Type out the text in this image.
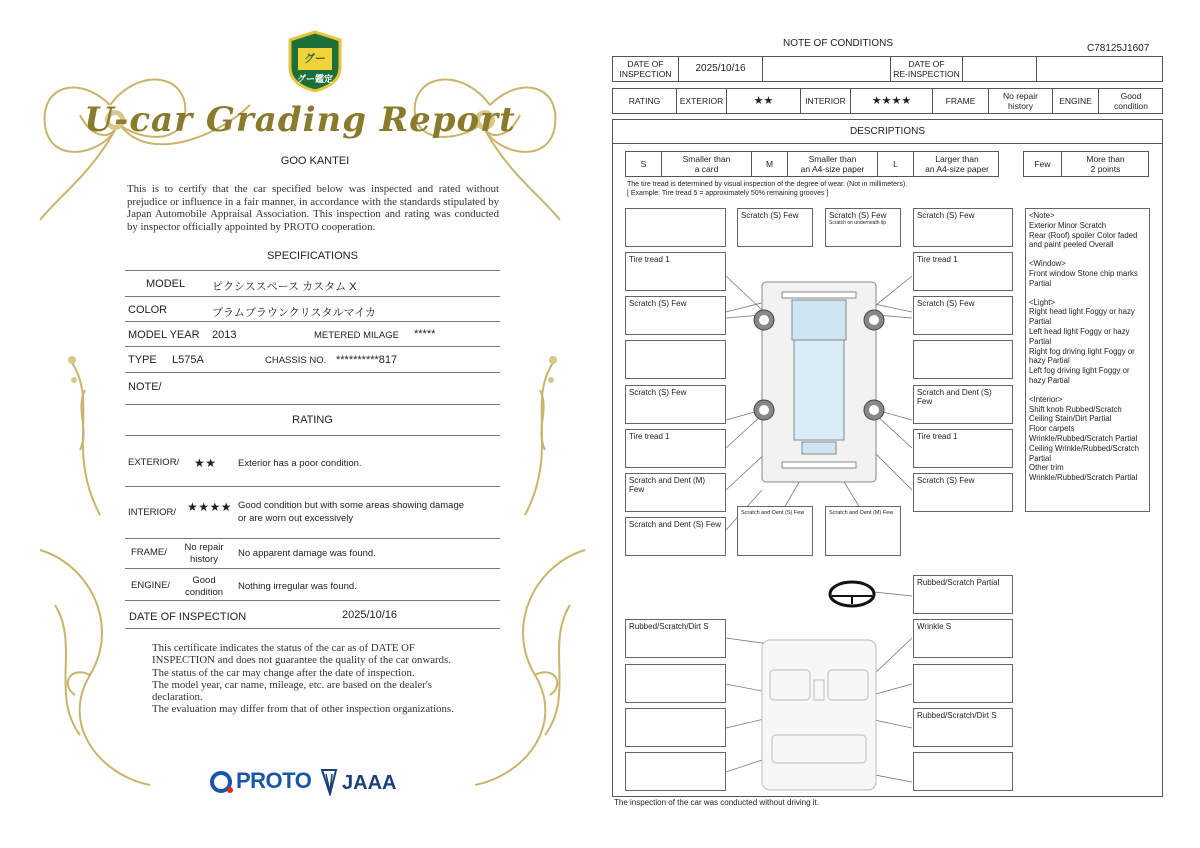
グー
グー鑑定
U-car Grading Report
GOO KANTEI
This is to certify that the car specified below was inspected and rated without prejudice or influence in a fair manner, in accordance with the standards stipulated by Japan Automobile Appraisal Association. This inspection and rating was conducted by inspector officially appointed by PROTO cooperation.
SPECIFICATIONS
MODEL ピクシススペース カスタム X
COLOR	プラムブラウンクリスタルマイカ
MODEL YEAR 2013	METERED MILAGE *****
TYPE L575A	CHASSIS NO. **********817
NOTE/
RATING
EXTERIOR/ ★★ Exterior has a poor condition.
INTERIOR/ ★★★★ Good condition but with some areas showing damage
or are worn out excessively
FRAME/	No repair
history
No apparent damage was found.
ENGINE/	Good
condition
Nothing irregular was found.
DATE OF INSPECTION	2025/10/16
This certificate indicates the status of the car as of DATE OF
INSPECTION and does not guarantee the quality of the car onwards.
The status of the car may change after the date of inspection.
The model year, car name, mileage, etc. are based on the dealer's
declaration.
The evaluation may differ from that of other inspection organizations.
PROTO JAAA
NOTE OF CONDITIONS	C78125J1607
DATE OF
INSPECTION	2025/10/16	DATE OF
RE-INSPECTION
RATING	EXTERIOR	★★	INTERIOR	★★★★	FRAME	No repair
history	ENGINE	Good
condition
DESCRIPTIONS
S	Smaller than
a card	M	Smaller than
an A4-size paper	L	Larger than
an A4-size paper	Few	More than
2 points
The tire tread is determined by visual inspection of the degree of wear. (Not in millimeters).
[ Example: Tire tread 5 = approximately 50% remaining grooves ]
Scratch (S) Few	Scratch (S) Few
Scratch on underneath lip
Scratch (S) Few
Tire tread 1	Tire tread 1
Scratch (S) Few	Scratch (S) Few
Scratch (S) Few	Scratch and Dent (S) Few
Tire tread 1	Tire tread 1
Scratch and Dent (M) Few
Scratch (S) Few
Scratch and Dent (S) Few
Scratch and Dent (S) Few	Scratch and Dent (M) Few
Rubbed/Scratch Partial
Rubbed/Scratch/Dirt S	Wrinkle S
Rubbed/Scratch/Dirt S
<Note>
Exterior Minor Scratch

Rear (Roof) spoiler Color faded and paint peeled Overall

<Window>

Front window Stone chip marks Partial

<Light>
Right head light Foggy or hazy Partial
Left head light Foggy or hazy Partial
Right fog driving light Foggy or hazy Partial

Left fog driving light Foggy or hazy Partial

<Interior>
Shift knob Rubbed/Scratch
Ceiling Stain/Dirt Partial
Floor carpets Wrinkle/Rubbed/Scratch Partial
Ceiling Wrinkle/Rubbed/Scratch Partial
Other trim Wrinkle/Rubbed/Scratch Partial
The inspection of the car was conducted without driving it.
